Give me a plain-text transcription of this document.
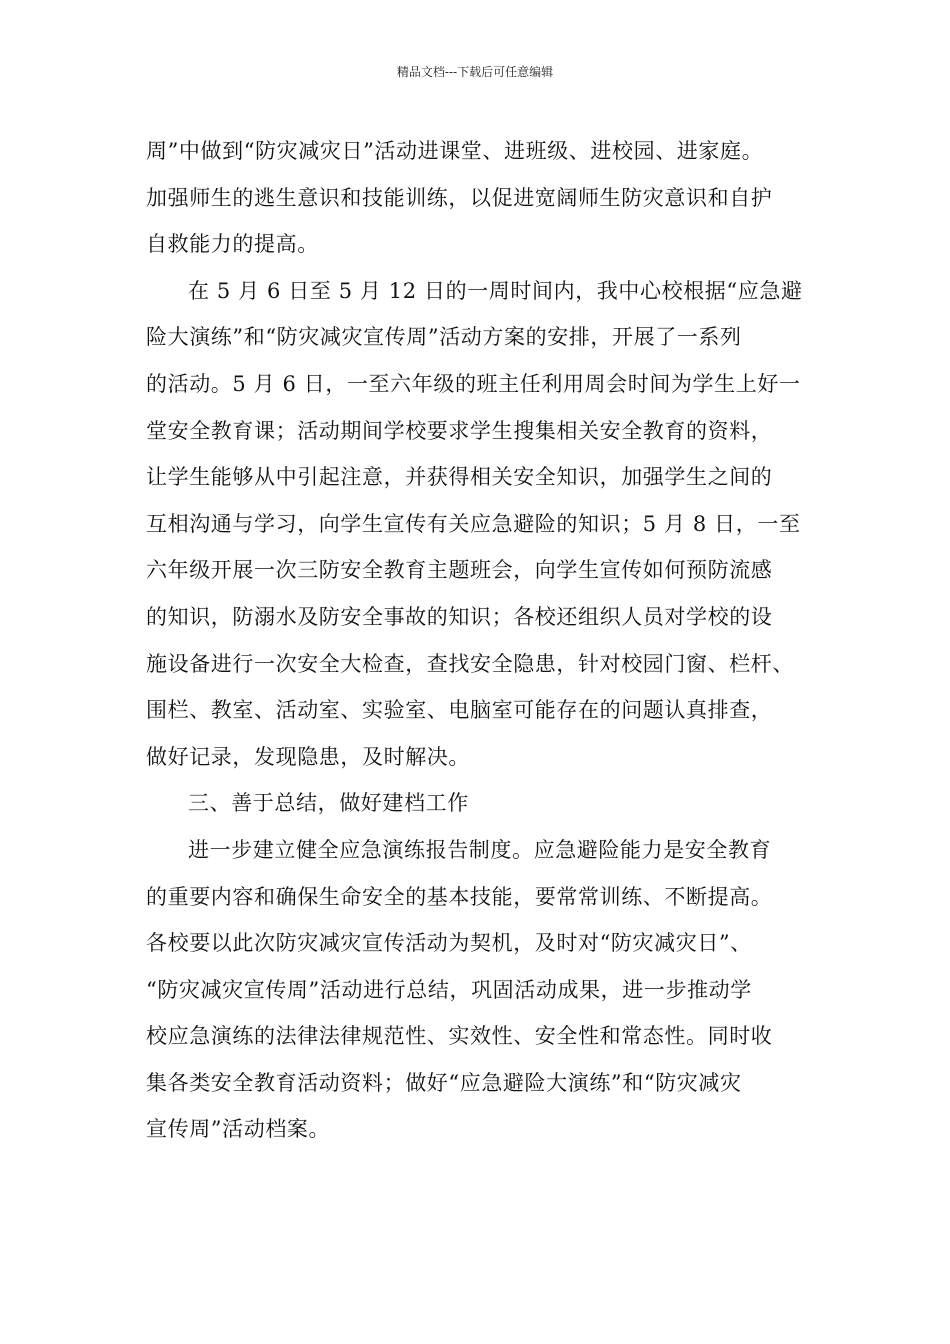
精品文档---下载后可任意编辑
周”中做到“防灾减灾日”活动进课堂、进班级、进校园、进家庭。
加强师生的逃生意识和技能训练，以促进宽阔师生防灾意识和自护
自救能力的提高。
在 5 月 6 日至 5 月 12 日的一周时间内，我中心校根据“应急避
险大演练”和“防灾减灾宣传周”活动方案的安排，开展了一系列
的活动。5 月 6 日，一至六年级的班主任利用周会时间为学生上好一
堂安全教育课；活动期间学校要求学生搜集相关安全教育的资料，
让学生能够从中引起注意，并获得相关安全知识，加强学生之间的
互相沟通与学习，向学生宣传有关应急避险的知识；5 月 8 日，一至
六年级开展一次三防安全教育主题班会，向学生宣传如何预防流感
的知识，防溺水及防安全事故的知识；各校还组织人员对学校的设
施设备进行一次安全大检查，查找安全隐患，针对校园门窗、栏杆、
围栏、教室、活动室、实验室、电脑室可能存在的问题认真排查，
做好记录，发现隐患，及时解决。
三、善于总结，做好建档工作
进一步建立健全应急演练报告制度。应急避险能力是安全教育
的重要内容和确保生命安全的基本技能，要常常训练、不断提高。
各校要以此次防灾减灾宣传活动为契机，及时对“防灾减灾日”、
“防灾减灾宣传周”活动进行总结，巩固活动成果，进一步推动学
校应急演练的法律法律规范性、实效性、安全性和常态性。同时收
集各类安全教育活动资料；做好“应急避险大演练”和“防灾减灾
宣传周”活动档案。
